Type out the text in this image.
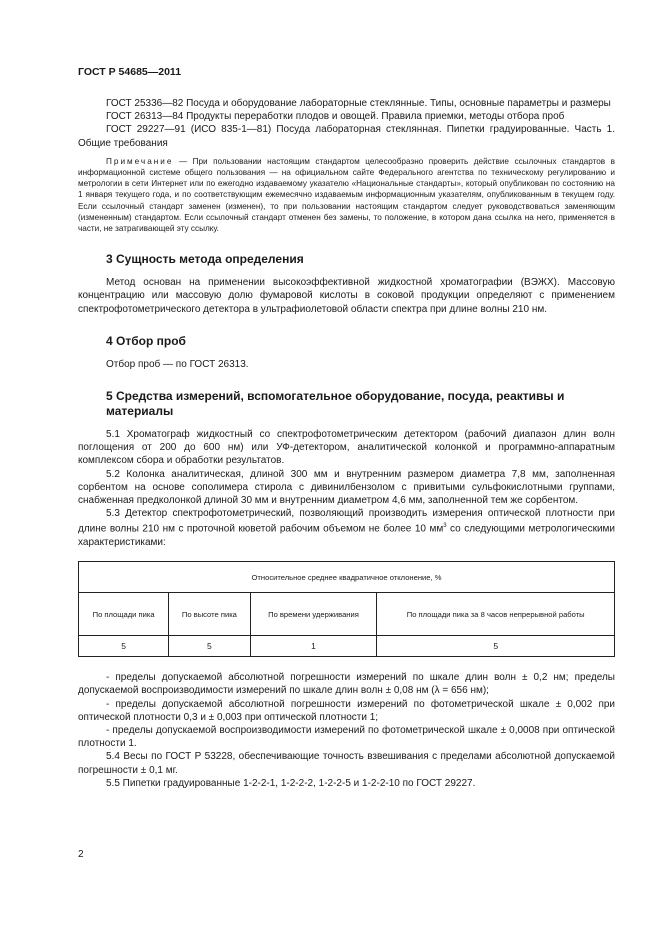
ГОСТ Р 54685—2011

ГОСТ 25336—82 Посуда и оборудование лабораторные стеклянные. Типы, основные параметры и размеры

ГОСТ 26313—84 Продукты переработки плодов и овощей. Правила приемки, методы отбора проб

ГОСТ 29227—91 (ИСО 835-1—81) Посуда лабораторная стеклянная. Пипетки градуированные. Часть 1. Общие требования

Примечание — При пользовании настоящим стандартом целесообразно проверить действие ссылочных стандартов в информационной системе общего пользования — на официальном сайте Федерального агентства по техническому регулированию и метрологии в сети Интернет или по ежегодно издаваемому указателю «Национальные стандарты», который опубликован по состоянию на 1 января текущего года, и по соответствующим ежемесячно издаваемым информационным указателям, опубликованным в текущем году. Если ссылочный стандарт заменен (изменен), то при пользовании настоящим стандартом следует руководствоваться заменяющим (измененным) стандартом. Если ссылочный стандарт отменен без замены, то положение, в котором дана ссылка на него, применяется в части, не затрагивающей эту ссылку.

3 Сущность метода определения

Метод основан на применении высокоэффективной жидкостной хроматографии (ВЭЖХ). Массовую концентрацию или массовую долю фумаровой кислоты в соковой продукции определяют с применением спектрофотометрического детектора в ультрафиолетовой области спектра при длине волны 210 нм.

4 Отбор проб

Отбор проб — по ГОСТ 26313.

5 Средства измерений, вспомогательное оборудование, посуда, реактивы и материалы

5.1 Хроматограф жидкостный со спектрофотометрическим детектором (рабочий диапазон длин волн поглощения от 200 до 600 нм) или УФ-детектором, аналитической колонкой и программно-аппаратным комплексом сбора и обработки результатов.

5.2 Колонка аналитическая, длиной 300 мм и внутренним размером диаметра 7,8 мм, заполненная сорбентом на основе сополимера стирола с дивинилбензолом с привитыми сульфокислотными группами, снабженная предколонкой длиной 30 мм и внутренним диаметром 4,6 мм, заполненной тем же сорбентом.

5.3 Детектор спектрофотометрический, позволяющий производить измерения оптической плотности при длине волны 210 нм с проточной кюветой рабочим объемом не более 10 $мм^3$ со следующими метрологическими характеристиками:

Относительное среднее квадратичное отклонение, %			
По площади пика	По высоте пика	По времени удерживания	По площади пика за 8 часов непрерывной работы
5	5	1	5

- пределы допускаемой абсолютной погрешности измерений по шкале длин волн ± 0,2 нм; пределы допускаемой воспроизводимости измерений по шкале длин волн ± 0,08 нм (λ = 656 нм);

- пределы допускаемой абсолютной погрешности измерений по фотометрической шкале ± 0,002 при оптической плотности 0,3 и ± 0,003 при оптической плотности 1;

- пределы допускаемой воспроизводимости измерений по фотометрической шкале ± 0,0008 при оптической плотности 1.

5.4 Весы по ГОСТ Р 53228, обеспечивающие точность взвешивания с пределами абсолютной допускаемой погрешности ± 0,1 мг.

5.5 Пипетки градуированные 1-2-2-1, 1-2-2-2, 1-2-2-5 и 1-2-2-10 по ГОСТ 29227.

2
